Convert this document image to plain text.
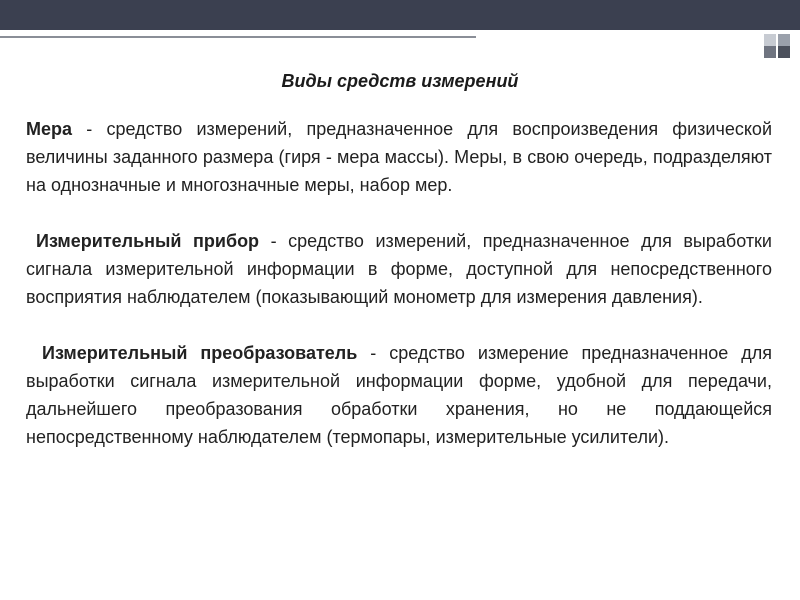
Виды средств измерений

Мера - средство измерений, предназначенное для воспроизведения физической величины заданного размера (гиря - мера массы). Меры, в свою очередь, подразделяют на однозначные и многозначные меры, набор мер.

Измерительный прибор - средство измерений, предназначенное для выработки сигнала измерительной информации в форме, доступной для непосредственного восприятия наблюдателем (показывающий монометр для измерения давления).

Измерительный преобразователь - средство измерение предназначенное для выработки сигнала измерительной информации форме, удобной для передачи, дальнейшего преобразования обработки хранения, но не поддающейся непосредственному наблюдателем (термопары, измерительные усилители).
